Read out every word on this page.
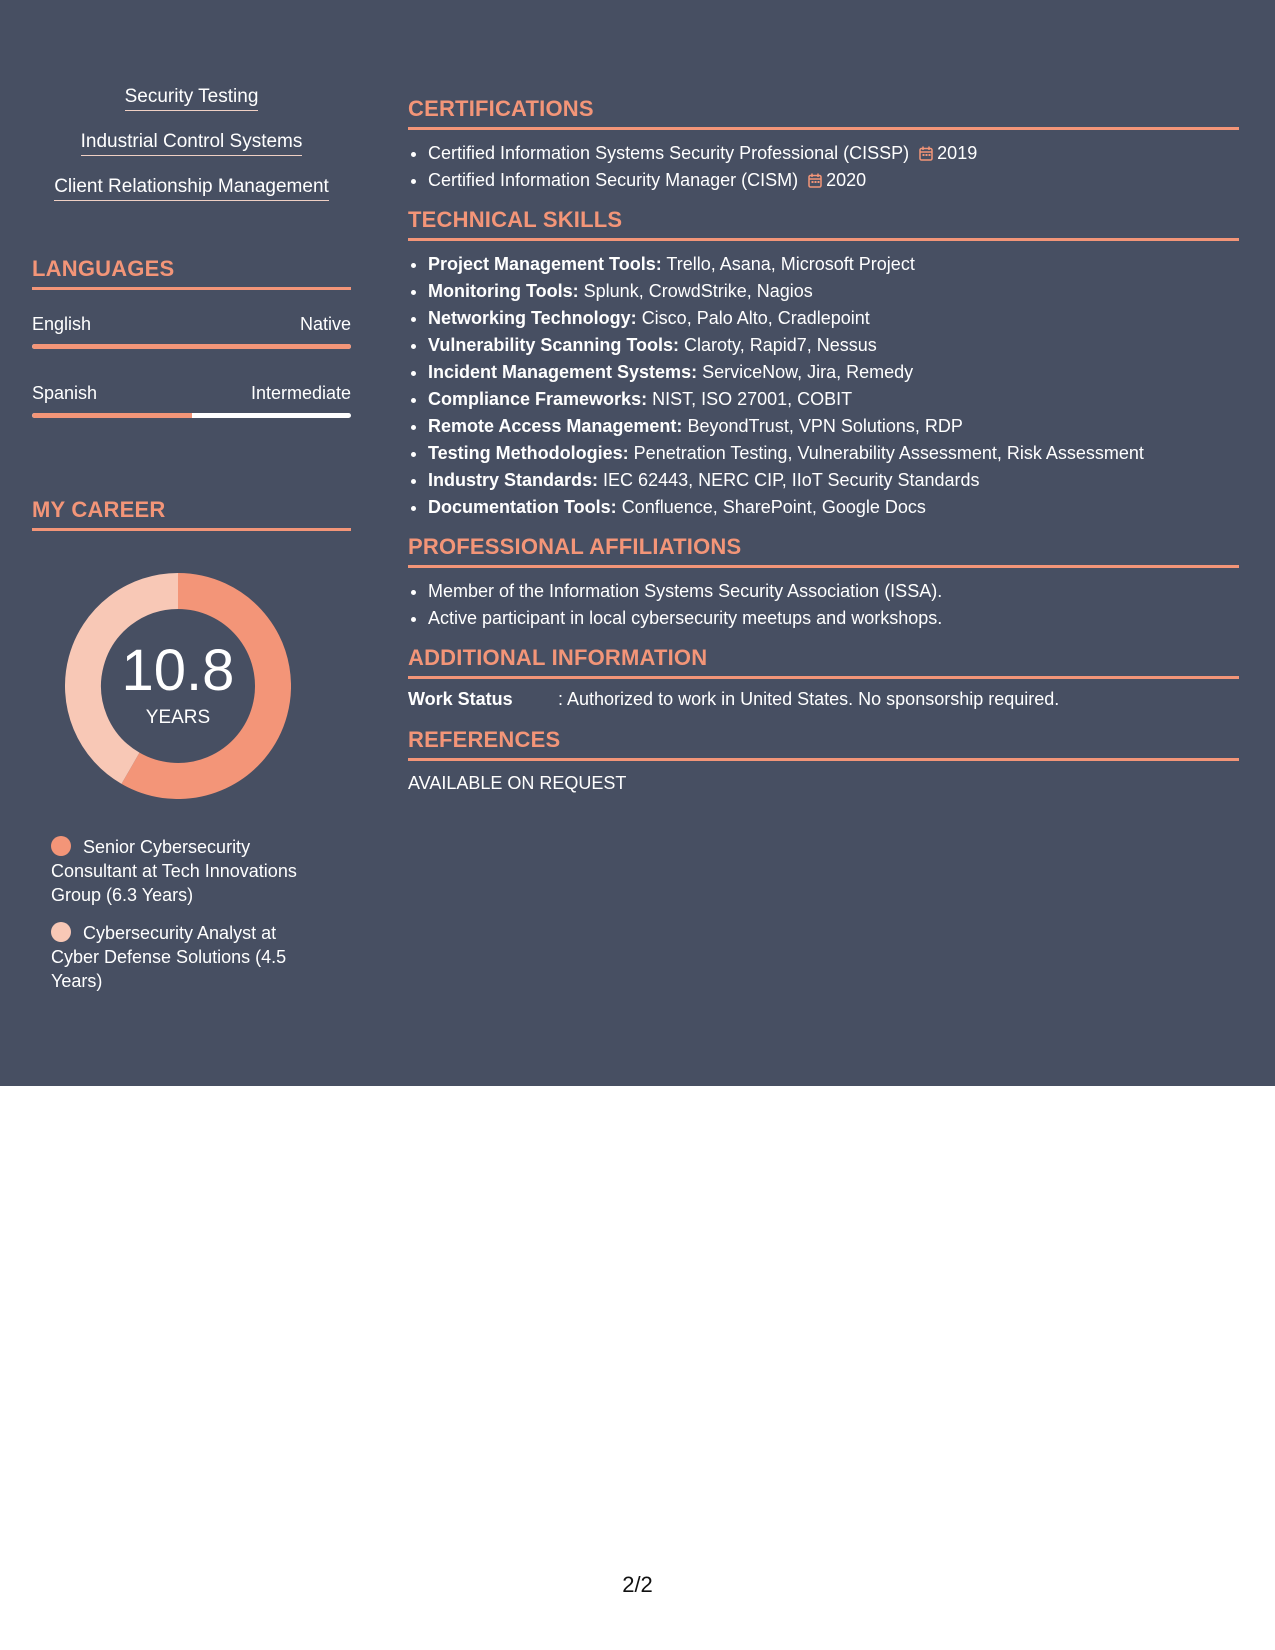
Security Testing
Industrial Control Systems
Client Relationship Management
LANGUAGES
English	Native
Spanish	Intermediate
MY CAREER
10.8
YEARS
Senior Cybersecurity Consultant at Tech Innovations Group (6.3 Years)
Cybersecurity Analyst at Cyber Defense Solutions (4.5 Years)
CERTIFICATIONS
• Certified Information Systems Security Professional (CISSP) 2019
• Certified Information Security Manager (CISM) 2020
TECHNICAL SKILLS
• Project Management Tools: Trello, Asana, Microsoft Project
• Monitoring Tools: Splunk, CrowdStrike, Nagios
• Networking Technology: Cisco, Palo Alto, Cradlepoint
• Vulnerability Scanning Tools: Claroty, Rapid7, Nessus
• Incident Management Systems: ServiceNow, Jira, Remedy
• Compliance Frameworks: NIST, ISO 27001, COBIT
• Remote Access Management: BeyondTrust, VPN Solutions, RDP
• Testing Methodologies: Penetration Testing, Vulnerability Assessment, Risk Assessment
• Industry Standards: IEC 62443, NERC CIP, IIoT Security Standards
• Documentation Tools: Confluence, SharePoint, Google Docs
PROFESSIONAL AFFILIATIONS
• Member of the Information Systems Security Association (ISSA).
• Active participant in local cybersecurity meetups and workshops.
ADDITIONAL INFORMATION
Work Status	: Authorized to work in United States. No sponsorship required.
REFERENCES
AVAILABLE ON REQUEST
2/2
